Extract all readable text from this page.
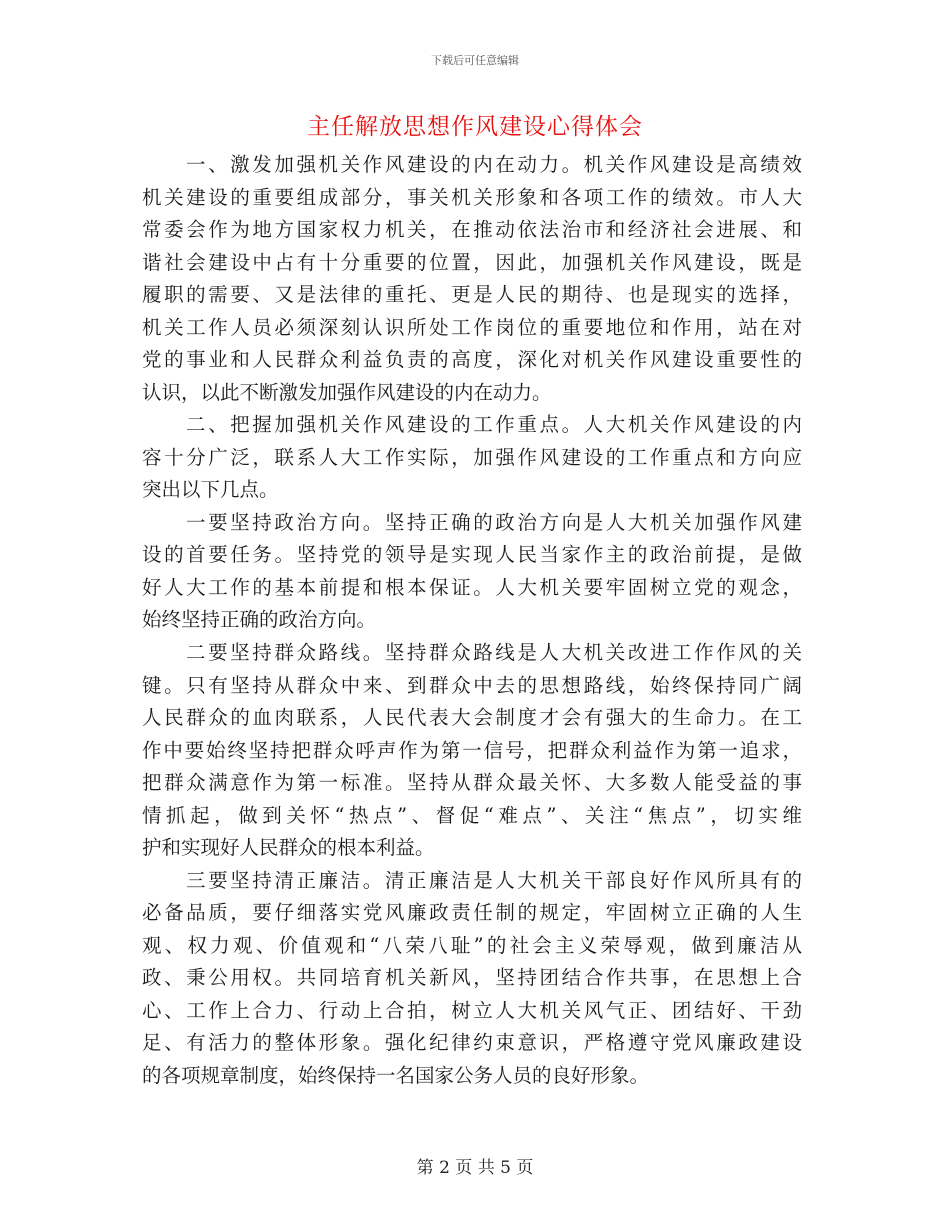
下载后可任意编辑
主任解放思想作风建设心得体会
一、激发加强机关作风建设的内在动力。机关作风建设是高绩效
机关建设的重要组成部分，事关机关形象和各项工作的绩效。市人大
常委会作为地方国家权力机关，在推动依法治市和经济社会进展、和
谐社会建设中占有十分重要的位置，因此，加强机关作风建设，既是
履职的需要、又是法律的重托、更是人民的期待、也是现实的选择，
机关工作人员必须深刻认识所处工作岗位的重要地位和作用，站在对
党的事业和人民群众利益负责的高度，深化对机关作风建设重要性的
认识，以此不断激发加强作风建设的内在动力。
二、把握加强机关作风建设的工作重点。人大机关作风建设的内
容十分广泛，联系人大工作实际，加强作风建设的工作重点和方向应
突出以下几点。
一要坚持政治方向。坚持正确的政治方向是人大机关加强作风建
设的首要任务。坚持党的领导是实现人民当家作主的政治前提，是做
好人大工作的基本前提和根本保证。人大机关要牢固树立党的观念，
始终坚持正确的政治方向。
二要坚持群众路线。坚持群众路线是人大机关改进工作作风的关
键。只有坚持从群众中来、到群众中去的思想路线，始终保持同广阔
人民群众的血肉联系，人民代表大会制度才会有强大的生命力。在工
作中要始终坚持把群众呼声作为第一信号，把群众利益作为第一追求，
把群众满意作为第一标准。坚持从群众最关怀、大多数人能受益的事
情抓起，做到关怀“热点”、督促“难点”、关注“焦点”，切实维
护和实现好人民群众的根本利益。
三要坚持清正廉洁。清正廉洁是人大机关干部良好作风所具有的
必备品质，要仔细落实党风廉政责任制的规定，牢固树立正确的人生
观、权力观、价值观和“八荣八耻”的社会主义荣辱观，做到廉洁从
政、秉公用权。共同培育机关新风，坚持团结合作共事，在思想上合
心、工作上合力、行动上合拍，树立人大机关风气正、团结好、干劲
足、有活力的整体形象。强化纪律约束意识，严格遵守党风廉政建设
的各项规章制度，始终保持一名国家公务人员的良好形象。
第 2 页 共 5 页
